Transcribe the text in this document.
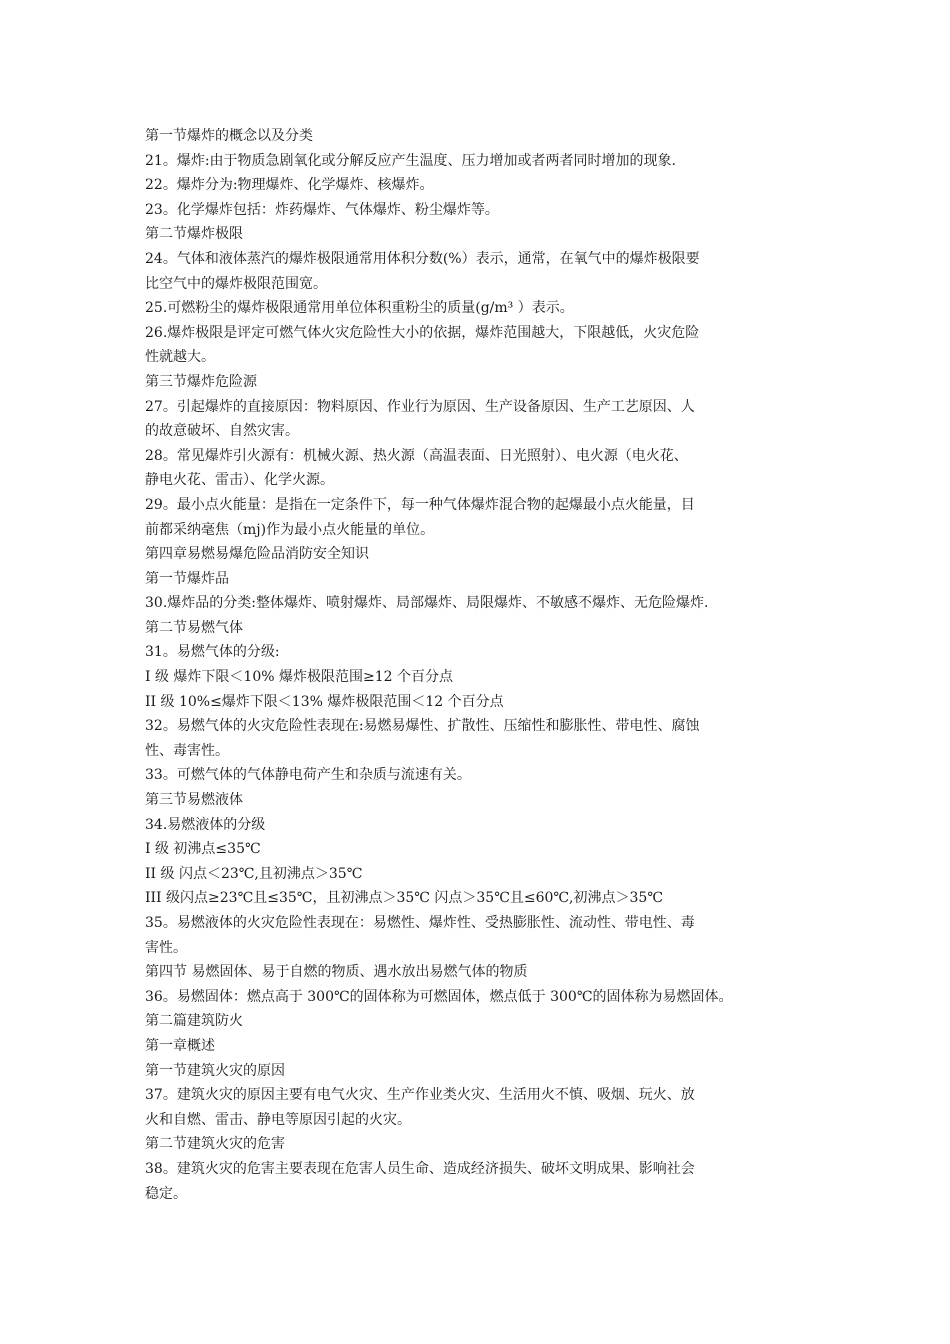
第一节爆炸的概念以及分类

21。爆炸:由于物质急剧氧化或分解反应产生温度、压力增加或者两者同时增加的现象.

22。爆炸分为:物理爆炸、化学爆炸、核爆炸。

23。化学爆炸包括：炸药爆炸、气体爆炸、粉尘爆炸等。

第二节爆炸极限

24。气体和液体蒸汽的爆炸极限通常用体积分数(%）表示，通常，在氧气中的爆炸极限要

比空气中的爆炸极限范围宽。

25.可燃粉尘的爆炸极限通常用单位体积重粉尘的质量(g/m³ ）表示。

26.爆炸极限是评定可燃气体火灾危险性大小的依据，爆炸范围越大，下限越低，火灾危险

性就越大。

第三节爆炸危险源

27。引起爆炸的直接原因：物料原因、作业行为原因、生产设备原因、生产工艺原因、人

的故意破坏、自然灾害。

28。常见爆炸引火源有：机械火源、热火源（高温表面、日光照射）、电火源（电火花、

静电火花、雷击）、化学火源。

29。最小点火能量：是指在一定条件下，每一种气体爆炸混合物的起爆最小点火能量，目

前都采纳毫焦（mj)作为最小点火能量的单位。

第四章易燃易爆危险品消防安全知识

第一节爆炸品

30.爆炸品的分类:整体爆炸、喷射爆炸、局部爆炸、局限爆炸、不敏感不爆炸、无危险爆炸.

第二节易燃气体

31。易燃气体的分级:

I 级 爆炸下限＜10% 爆炸极限范围≥12 个百分点

II 级 10%≤爆炸下限＜13% 爆炸极限范围＜12 个百分点

32。易燃气体的火灾危险性表现在:易燃易爆性、扩散性、压缩性和膨胀性、带电性、腐蚀

性、毒害性。

33。可燃气体的气体静电荷产生和杂质与流速有关。

第三节易燃液体

34.易燃液体的分级

I 级 初沸点≤35℃

II 级 闪点＜23℃,且初沸点＞35℃

III 级闪点≥23℃且≤35℃，且初沸点＞35℃ 闪点＞35℃且≤60℃,初沸点＞35℃

35。易燃液体的火灾危险性表现在：易燃性、爆炸性、受热膨胀性、流动性、带电性、毒

害性。

第四节 易燃固体、易于自燃的物质、遇水放出易燃气体的物质

36。易燃固体：燃点高于 300℃的固体称为可燃固体，燃点低于 300℃的固体称为易燃固体。

第二篇建筑防火

第一章概述

第一节建筑火灾的原因

37。建筑火灾的原因主要有电气火灾、生产作业类火灾、生活用火不慎、吸烟、玩火、放

火和自燃、雷击、静电等原因引起的火灾。

第二节建筑火灾的危害

38。建筑火灾的危害主要表现在危害人员生命、造成经济损失、破坏文明成果、影响社会

稳定。
